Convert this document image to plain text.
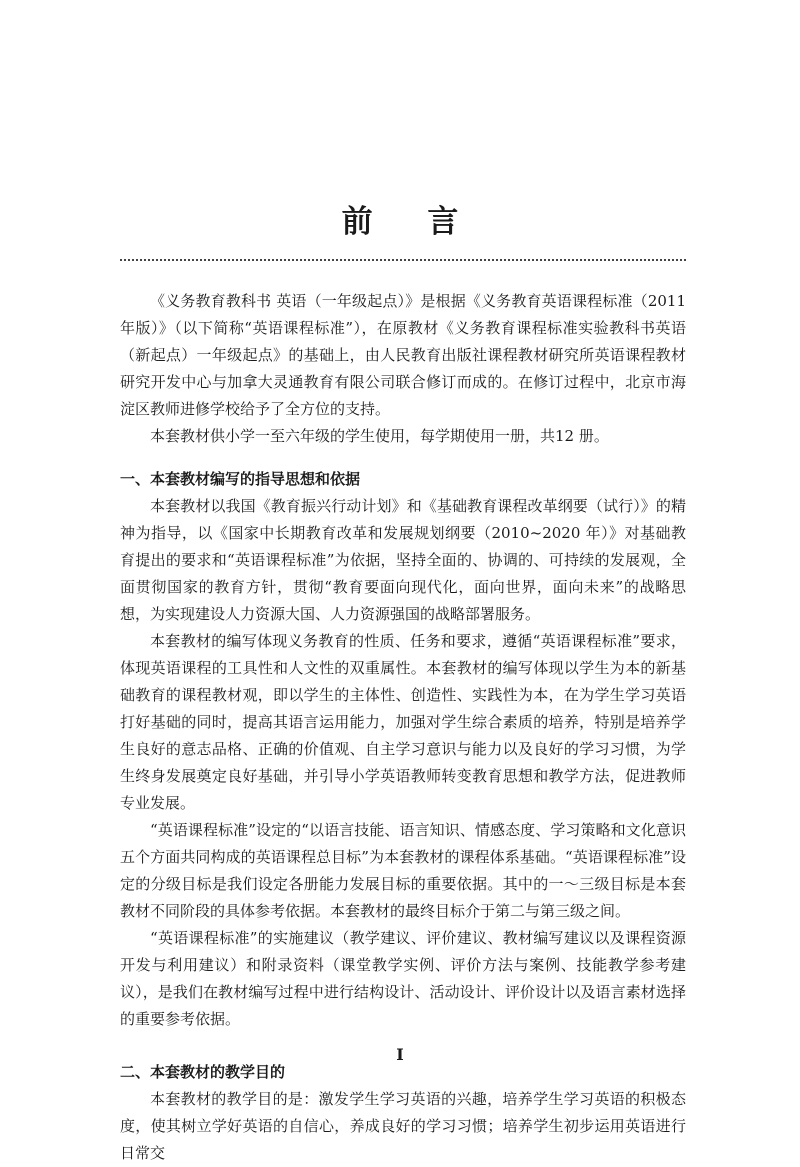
前 言

《义务教育教科书 英语（一年级起点）》是根据《义务教育英语课程标准（2011 年版）》（以下简称“英语课程标准”），在原教材《义务教育课程标准实验教科书英语（新起点）一年级起点》的基础上，由人民教育出版社课程教材研究所英语课程教材研究开发中心与加拿大灵通教育有限公司联合修订而成的。在修订过程中，北京市海淀区教师进修学校给予了全方位的支持。

本套教材供小学一至六年级的学生使用，每学期使用一册，共12 册。

一、本套教材编写的指导思想和依据

本套教材以我国《教育振兴行动计划》和《基础教育课程改革纲要（试行）》的精神为指导，以《国家中长期教育改革和发展规划纲要（2010~2020 年）》对基础教育提出的要求和“英语课程标准”为依据，坚持全面的、协调的、可持续的发展观，全面贯彻国家的教育方针，贯彻“教育要面向现代化，面向世界，面向未来”的战略思想，为实现建设人力资源大国、人力资源强国的战略部署服务。

本套教材的编写体现义务教育的性质、任务和要求，遵循“英语课程标准”要求，体现英语课程的工具性和人文性的双重属性。本套教材的编写体现以学生为本的新基础教育的课程教材观，即以学生的主体性、创造性、实践性为本，在为学生学习英语打好基础的同时，提高其语言运用能力，加强对学生综合素质的培养，特别是培养学生良好的意志品格、正确的价值观、自主学习意识与能力以及良好的学习习惯，为学生终身发展奠定良好基础，并引导小学英语教师转变教育思想和教学方法，促进教师专业发展。

“英语课程标准”设定的“以语言技能、语言知识、情感态度、学习策略和文化意识五个方面共同构成的英语课程总目标”为本套教材的课程体系基础。“英语课程标准”设定的分级目标是我们设定各册能力发展目标的重要依据。其中的一～三级目标是本套教材不同阶段的具体参考依据。本套教材的最终目标介于第二与第三级之间。

“英语课程标准”的实施建议（教学建议、评价建议、教材编写建议以及课程资源开发与利用建议）和附录资料（课堂教学实例、评价方法与案例、技能教学参考建议），是我们在教材编写过程中进行结构设计、活动设计、评价设计以及语言素材选择的重要参考依据。

二、本套教材的教学目的

本套教材的教学目的是：激发学生学习英语的兴趣，培养学生学习英语的积极态度，使其树立学好英语的自信心，养成良好的学习习惯；培养学生初步运用英语进行日常交

I
